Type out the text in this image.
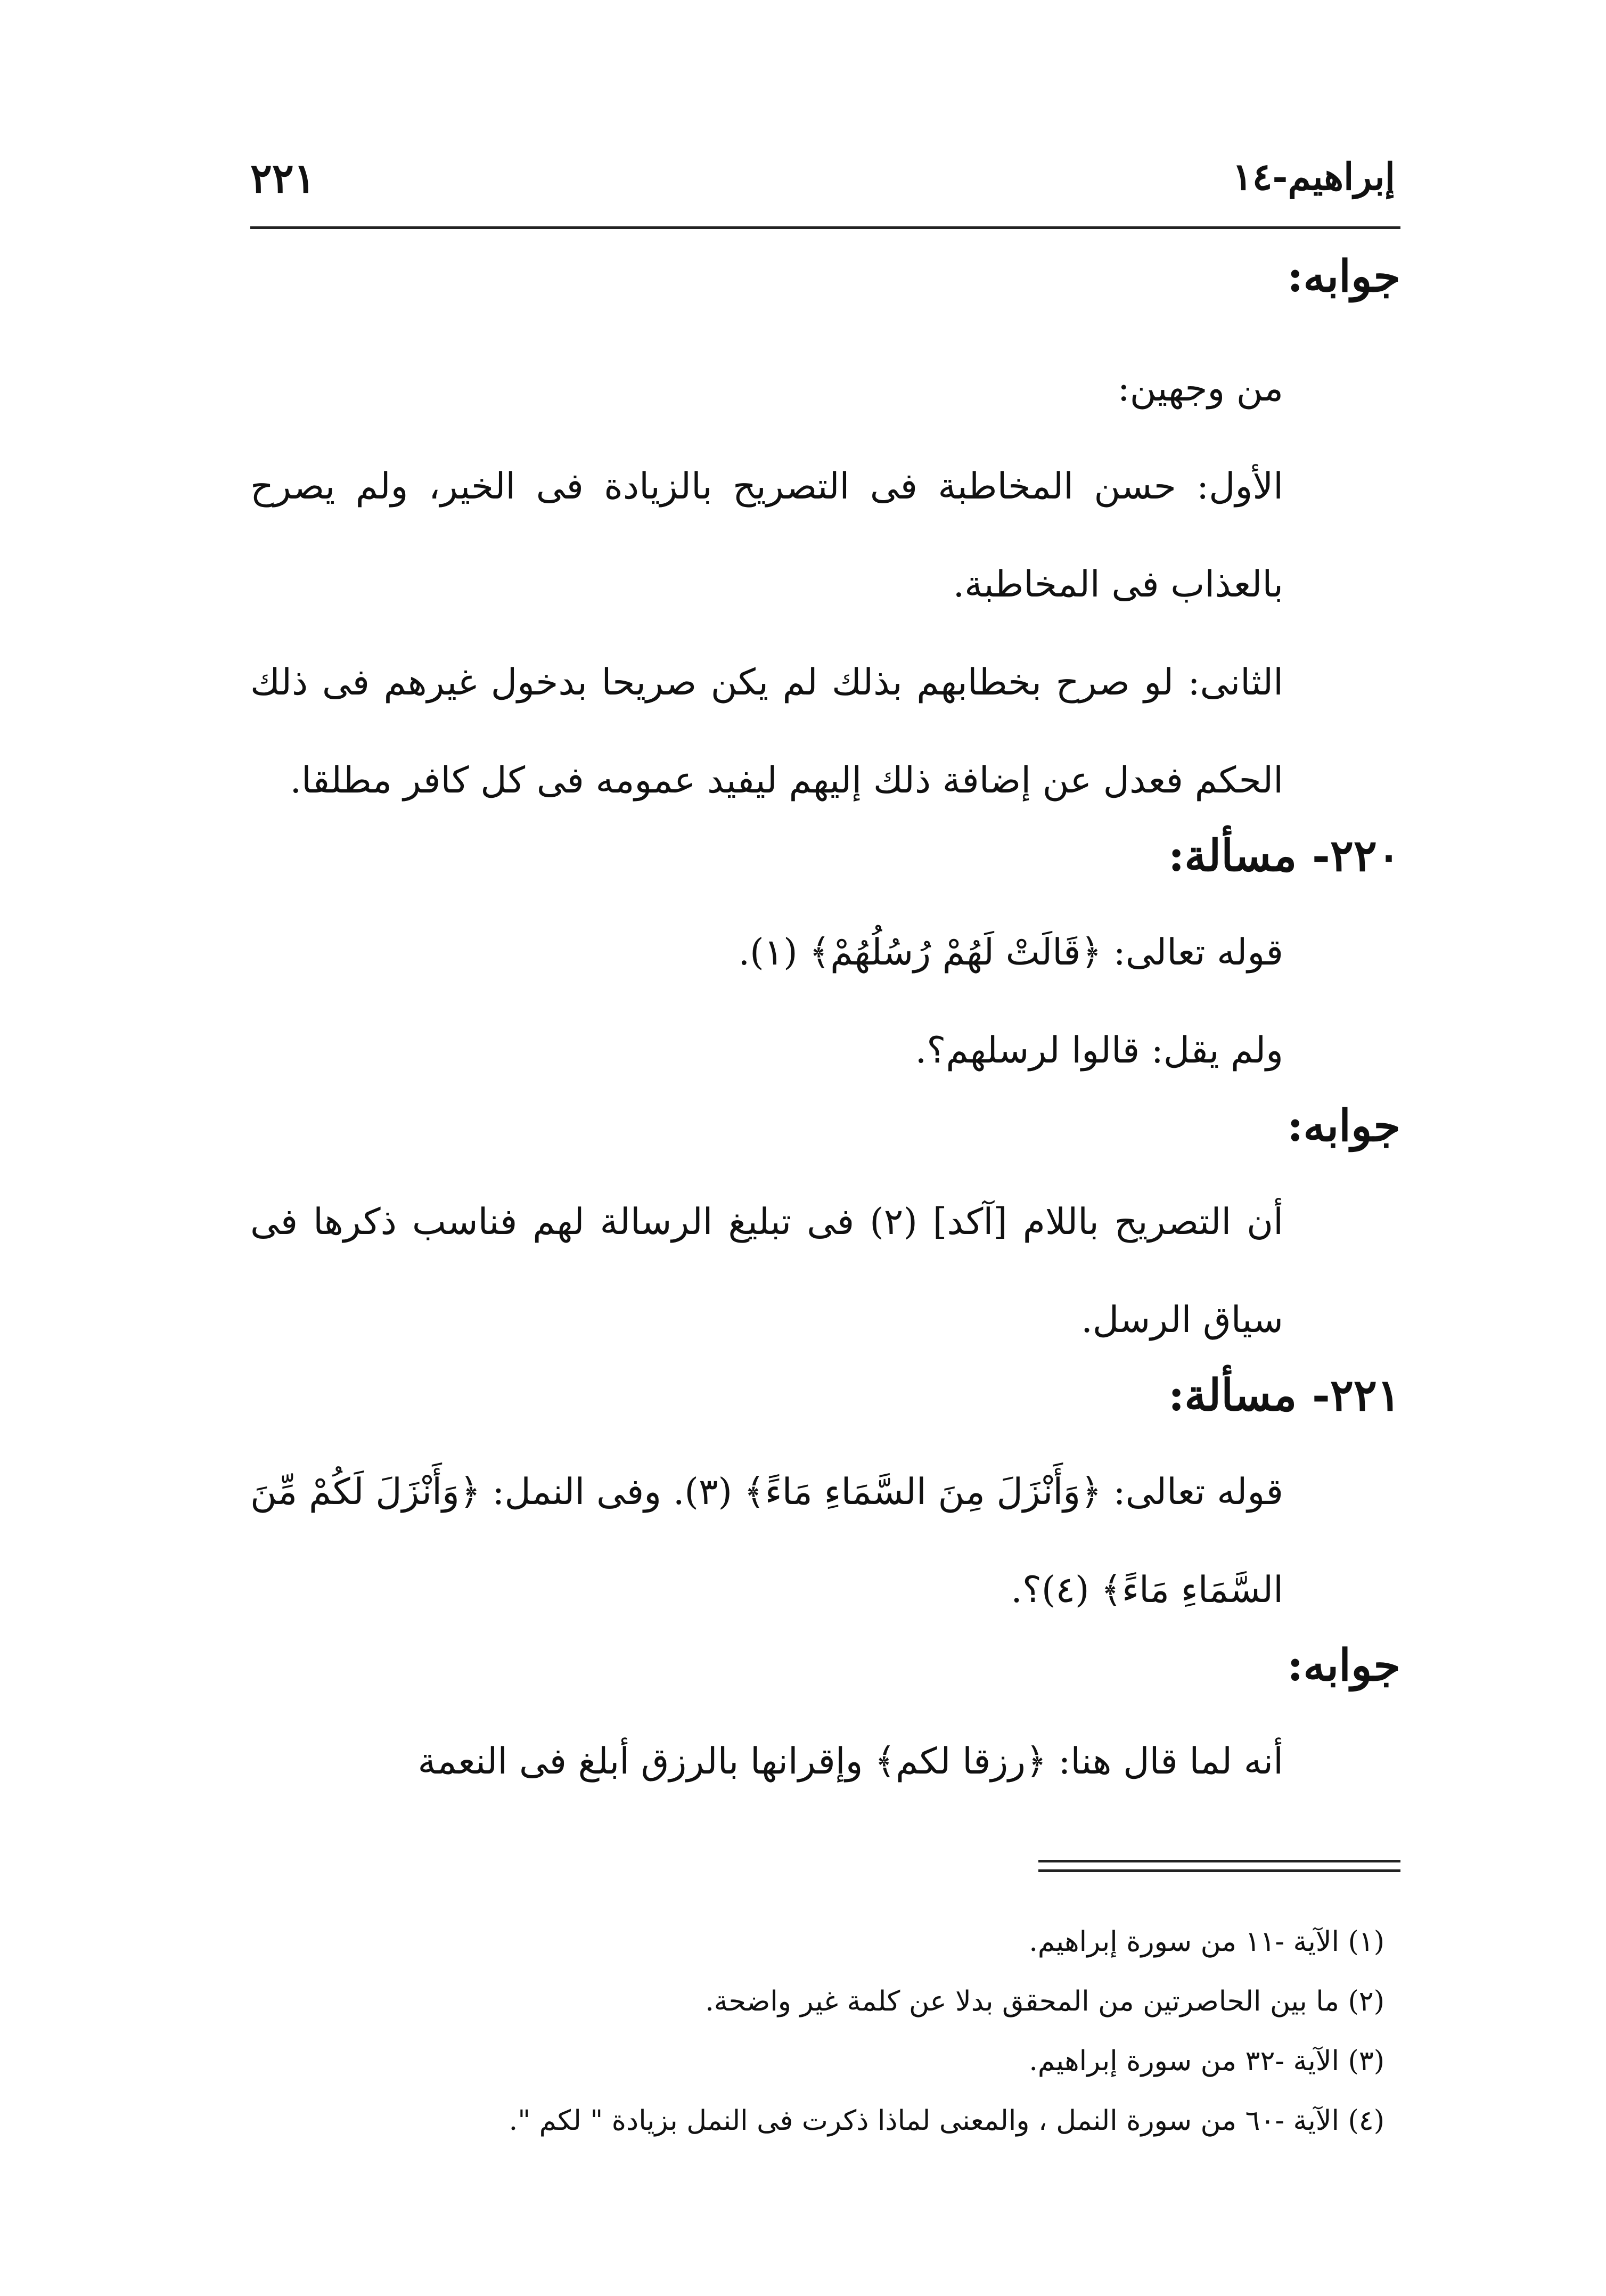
٢٢١	إبراهيم-١٤
جوابه:

من وجهين:

الأول: حسن المخاطبة فى التصريح بالزيادة فى الخير، ولم يصرح بالعذاب فى المخاطبة.

الثانى: لو صرح بخطابهم بذلك لم يكن صريحا بدخول غيرهم فى ذلك الحكم فعدل عن إضافة ذلك إليهم ليفيد عمومه فى كل كافر مطلقا.

٢٢٠- مسألة:

قوله تعالى: ﴿قَالَتْ لَهُمْ رُسُلُهُمْ﴾ (١).

ولم يقل: قالوا لرسلهم؟.

جوابه:

أن التصريح باللام [آكد] (٢) فى تبليغ الرسالة لهم فناسب ذكرها فى سياق الرسل.

٢٢١- مسألة:

قوله تعالى: ﴿وَأَنْزَلَ مِنَ السَّمَاءِ مَاءً﴾ (٣). وفى النمل: ﴿وَأَنْزَلَ لَكُمْ مِّنَ السَّمَاءِ مَاءً﴾ (٤)؟.

جوابه:

أنه لما قال هنا: ﴿رزقا لكم﴾ وإقرانها بالرزق أبلغ فى النعمة

(١) الآية -١١ من سورة إبراهيم.

(٢) ما بين الحاصرتين من المحقق بدلا عن كلمة غير واضحة.

(٣) الآية -٣٢ من سورة إبراهيم.

(٤) الآية -٦٠ من سورة النمل ، والمعنى لماذا ذكرت فى النمل بزيادة " لكم ".
